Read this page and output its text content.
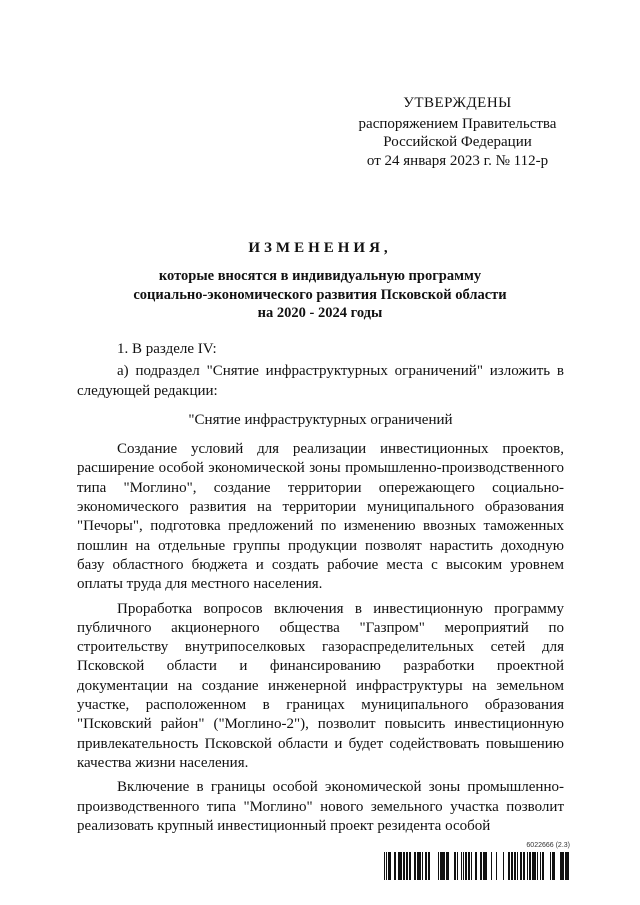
УТВЕРЖДЕНЫ
распоряжением Правительства
Российской Федерации
от 24 января 2023 г. № 112-р
ИЗМЕНЕНИЯ,
которые вносятся в индивидуальную программу
социально-экономического развития Псковской области
на 2020 - 2024 годы

1. В разделе IV:

а) подраздел "Снятие инфраструктурных ограничений" изложить в следующей редакции:

"Снятие инфраструктурных ограничений

Создание условий для реализации инвестиционных проектов, расширение особой экономической зоны промышленно-производственного типа "Моглино", создание территории опережающего социально-экономического развития на территории муниципального образования "Печоры", подготовка предложений по изменению ввозных таможенных пошлин на отдельные группы продукции позволят нарастить доходную базу областного бюджета и создать рабочие места с высоким уровнем оплаты труда для местного населения.

Проработка вопросов включения в инвестиционную программу публичного акционерного общества "Газпром" мероприятий по строительству внутрипоселковых газораспределительных сетей для Псковской области и финансированию разработки проектной документации на создание инженерной инфраструктуры на земельном участке, расположенном в границах муниципального образования "Псковский район" ("Моглино-2"), позволит повысить инвестиционную привлекательность Псковской области и будет содействовать повышению качества жизни населения.

Включение в границы особой экономической зоны промышленно-производственного типа "Моглино" нового земельного участка позволит реализовать крупный инвестиционный проект резидента особой

6022666 (2.3)
